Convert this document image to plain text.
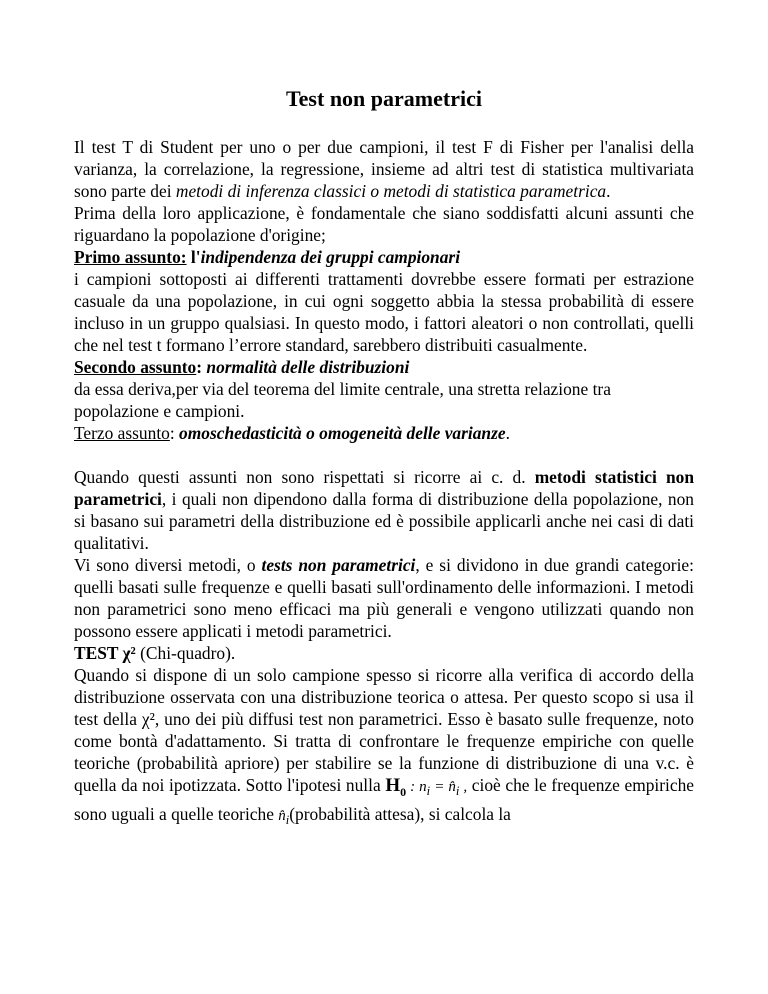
Test non parametrici

Il test T di Student per uno o per due campioni, il test F di Fisher per l'analisi della varianza, la correlazione, la regressione, insieme ad altri test di statistica multivariata sono parte dei metodi di inferenza classici o metodi di statistica parametrica.

Prima della loro applicazione, è fondamentale che siano soddisfatti alcuni assunti che riguardano la popolazione d'origine;

Primo assunto: l'indipendenza dei gruppi campionari

i campioni sottoposti ai differenti trattamenti dovrebbe essere formati per estrazione casuale da una popolazione, in cui ogni soggetto abbia la stessa probabilità di essere incluso in un gruppo qualsiasi. In questo modo, i fattori aleatori o non controllati, quelli che nel test t formano l’errore standard, sarebbero distribuiti casualmente.

Secondo assunto: normalità delle distribuzioni

da essa deriva,per via del teorema del limite centrale, una stretta relazione tra popolazione e campioni.

Terzo assunto: omoschedasticità o omogeneità delle varianze.

Quando questi assunti non sono rispettati si ricorre ai c. d. metodi statistici non parametrici, i quali non dipendono dalla forma di distribuzione della popolazione, non si basano sui parametri della distribuzione ed è possibile applicarli anche nei casi di dati qualitativi.

Vi sono diversi metodi, o tests non parametrici, e si dividono in due grandi categorie: quelli basati sulle frequenze e quelli basati sull'ordinamento delle informazioni. I metodi non parametrici sono meno efficaci ma più generali e vengono utilizzati quando non possono essere applicati i metodi parametrici.

TEST χ² (Chi-quadro).

Quando si dispone di un solo campione spesso si ricorre alla verifica di accordo della distribuzione osservata con una distribuzione teorica o attesa. Per questo scopo si usa il test della χ², uno dei più diffusi test non parametrici. Esso è basato sulle frequenze, noto come bontà d'adattamento. Si tratta di confrontare le frequenze empiriche con quelle teoriche (probabilità apriore) per stabilire se la funzione di distribuzione di una v.c. è quella da noi ipotizzata. Sotto l'ipotesi nulla $H_0$ : $n_i$ = $n̂_i$ , cioè che le frequenze empiriche sono uguali a quelle teoriche $n̂_i(probabilità$ attesa), si calcola la
